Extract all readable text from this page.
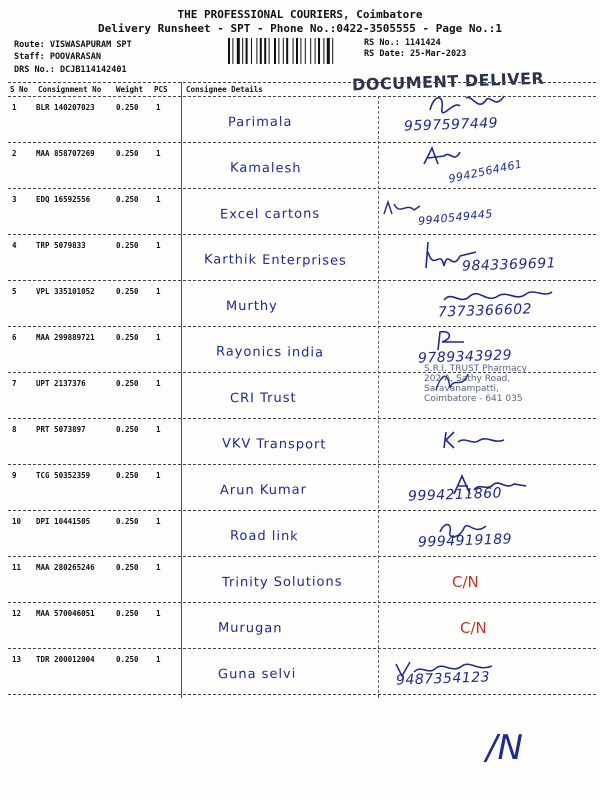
THE PROFESSIONAL COURIERS, Coimbatore
Delivery Runsheet - SPT - Phone No.:0422-3505555 - Page No.:1
Route: VISWASAPURAM SPT
Staff: POOVARASAN
DRS No.: DCJB114142401
RS No.: 1141424
RS Date: 25-Mar-2023
DOCUMENT DELIVER
S No Consignment No Weight PCS Consignee Details
1	BLR 140207023	0.250 1
Parimala	9597597449
2	MAA 858707269	0.250 1
Kamalesh	9942564461
3	EDQ 16592556	0.250 1
Excel cartons	9940549445
4	TRP 5079833	0.250 1
Karthik Enterprises	9843369691
5	VPL 335101052	0.250 1
Murthy	7373366602
6	MAA 299889721	0.250 1
Rayonics india	9789343929
7	UPT 2137376	0.250 1
CRI Trust
8	PRT 5073897	0.250 1
VKV Transport
9	TCG 50352359	0.250 1
Arun Kumar	9994211860
10 DPI 10441505	0.250 1
Road link	9994919189
11 MAA 280265246	0.250 1
Trinity Solutions	C/N
12 MAA 570046051	0.250 1
Murugan	C/N
13 TDR 200012004	0.250 1
Guna selvi	9487354123
S.R.I. TRUST Pharmacy
202-A, Sathy Road,
Saravanampatti,
Coimbatore - 641 035
/N
